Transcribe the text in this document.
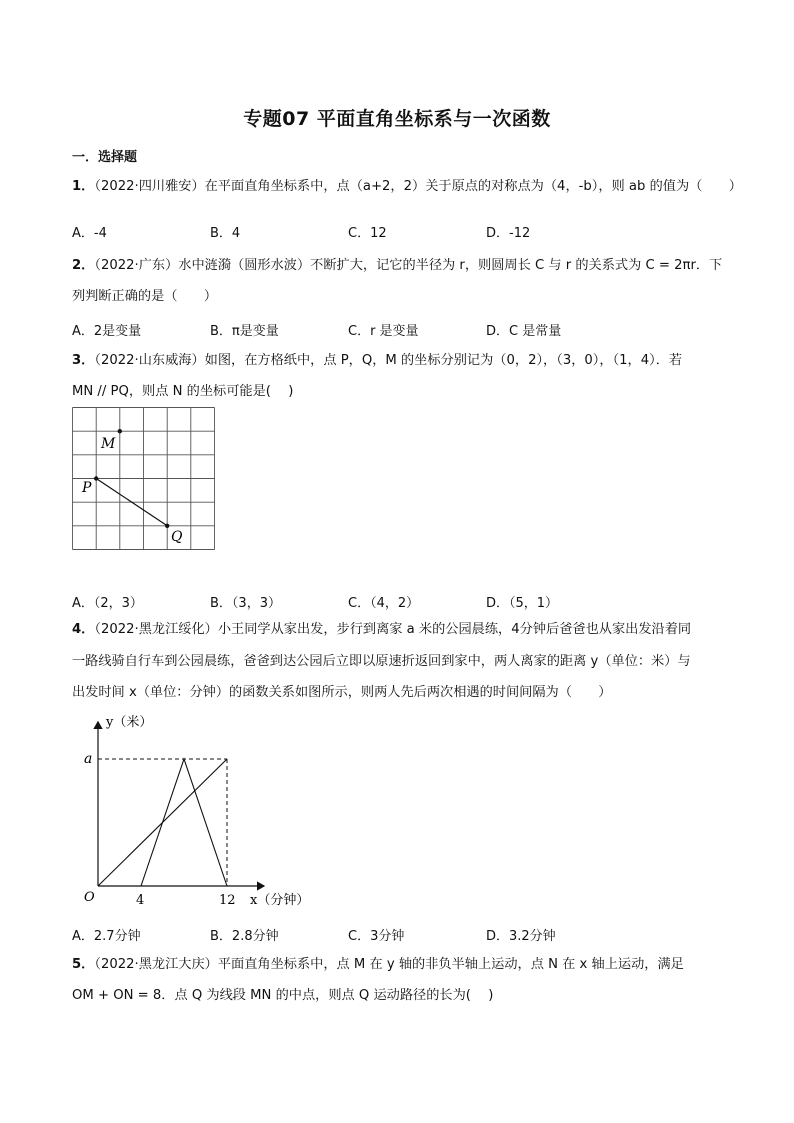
专题07 平面直角坐标系与一次函数
一．选择题
1．（2022·四川雅安）在平面直角坐标系中，点（a+2，2）关于原点的对称点为（4，-b），则 ab 的值为（　　）
A．-4	B．4	C．12	D．-12
2．（2022·广东）水中涟漪（圆形水波）不断扩大，记它的半径为 r，则圆周长 C 与 r 的关系式为 C = 2πr．下
列判断正确的是（　　）
A．2是变量	B．π是变量	C．r 是变量	D．C 是常量
3．（2022·山东威海）如图，在方格纸中，点 P，Q，M 的坐标分别记为（0，2），（3，0），（1，4）．若
MN // PQ，则点 N 的坐标可能是(　 )
M
P
Q
A．（2，3）	B．（3，3）	C．（4，2）	D．（5，1）
4．（2022·黑龙江绥化）小王同学从家出发，步行到离家 a 米的公园晨练，4分钟后爸爸也从家出发沿着同
一路线骑自行车到公园晨练，爸爸到达公园后立即以原速折返回到家中，两人离家的距离 y（单位：米）与
出发时间 x（单位：分钟）的函数关系如图所示，则两人先后两次相遇的时间间隔为（　　）
y（米）
a
O	4	12 x（分钟）
A．2.7分钟	B．2.8分钟	C．3分钟	D．3.2分钟
5．（2022·黑龙江大庆）平面直角坐标系中，点 M 在 y 轴的非负半轴上运动，点 N 在 x 轴上运动，满足
OM + ON = 8．点 Q 为线段 MN 的中点，则点 Q 运动路径的长为(　 )
